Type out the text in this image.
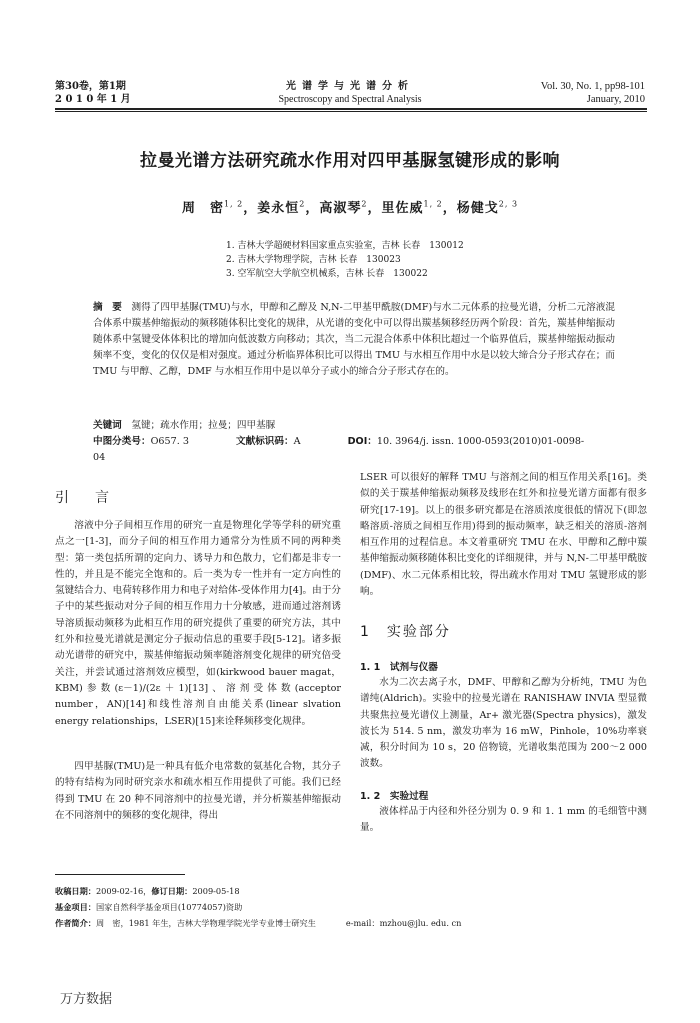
第30卷，第1期
2 0 1 0 年 1 月
光谱学与光谱分析
Spectroscopy and Spectral Analysis
Vol. 30, No. 1, pp98-101
January, 2010
拉曼光谱方法研究疏水作用对四甲基脲氢键形成的影响
周　密$^{1, 2}$，姜永恒$^2$，高淑琴$^2$，里佐威$^{1, 2}$，杨健戈$^{2, 3}$
1. 吉林大学超硬材料国家重点实验室，吉林 长春　130012
2. 吉林大学物理学院，吉林 长春　130023
3. 空军航空大学航空机械系，吉林 长春　130022
摘　要　 测得了四甲基脲(TMU)与水，甲醇和乙醇及 N,N-二甲基甲酰胺(DMF)与水二元体系的拉曼光谱，分析二元溶液混合体系中羰基伸缩振动的频移随体积比变化的规律，从光谱的变化中可以得出羰基频移经历两个阶段：首先，羰基伸缩振动随体系中氢键受体体积比的增加向低波数方向移动；其次，当二元混合体系中体积比超过一个临界值后，羰基伸缩振动振动频率不变，变化的仅仅是相对强度。通过分析临界体积比可以得出 TMU 与水相互作用中水是以较大缔合分子形式存在；而 TMU 与甲醇、乙醇，DMF 与水相互作用中是以单分子或小的缔合分子形式存在的。
关键词　 氢键；疏水作用；拉曼；四甲基脲
中图分类号：O657. 3	文献标识码：A	DOI：10. 3964/j. issn. 1000-0593(2010)01-0098-04
引　言

溶液中分子间相互作用的研究一直是物理化学等学科的研究重点之一[1-3]，而分子间的相互作用力通常分为性质不同的两种类型：第一类包括所谓的定向力、诱导力和色散力，它们都是非专一性的，并且是不能完全饱和的。后一类为专一性并有一定方向性的氢键结合力、电荷转移作用力和电子对给体-受体作用力[4]。由于分子中的某些振动对分子间的相互作用力十分敏感，进而通过溶剂诱导溶质振动频移为此相互作用的研究提供了重要的研究方法，其中红外和拉曼光谱就是测定分子振动信息的重要手段[5-12]。诸多振动光谱带的研究中，羰基伸缩振动频率随溶剂变化规律的研究倍受关注，并尝试通过溶剂效应模型，如(kirkwood bauer magat，KBM)参数(ε－1)/(2ε＋1)[13]、溶剂受体数(acceptor number，AN)[14]和线性溶剂自由能关系(linear slvation energy relationships，LSER)[15]来诠释频移变化规律。

四甲基脲(TMU)是一种具有低介电常数的氨基化合物，其分子的特有结构为同时研究亲水和疏水相互作用提供了可能。我们已经得到 TMU 在 20 种不同溶剂中的拉曼光谱，并分析羰基伸缩振动在不同溶剂中的频移的变化规律，得出

LSER 可以很好的解释 TMU 与溶剂之间的相互作用关系[16]。类似的关于羰基伸缩振动频移及线形在红外和拉曼光谱方面都有很多研究[17-19]。以上的很多研究都是在溶质浓度很低的情况下(即忽略溶质-溶质之间相互作用)得到的振动频率，缺乏相关的溶质-溶剂相互作用的过程信息。本文着重研究 TMU 在水、甲醇和乙醇中羰基伸缩振动频移随体积比变化的详细规律，并与 N,N-二甲基甲酰胺(DMF)、水二元体系相比较，得出疏水作用对 TMU 氢键形成的影响。
1　实验部分
1. 1　试剂与仪器

水为二次去离子水，DMF、甲醇和乙醇为分析纯，TMU 为色谱纯(Aldrich)。实验中的拉曼光谱在 RANISHAW INVIA 型显微共聚焦拉曼光谱仪上测量，Ar+ 激光器(Spectra physics)，激发波长为 514. 5 nm，激发功率为 16 mW，Pinhole，10%功率衰减，积分时间为 10 s，20 倍物镜，光谱收集范围为 200～2 000 波数。

1. 2　实验过程

液体样品于内径和外径分别为 0. 9 和 1. 1 mm 的毛细管中测量。

收稿日期：2009-02-16，修订日期：2009-05-18
基金项目：国家自然科学基金项目(10774057)资助
作者简介：周　密，1981 年生，吉林大学物理学院光学专业博士研究生	e-mail：mzhou@jlu. edu. cn
万方数据
